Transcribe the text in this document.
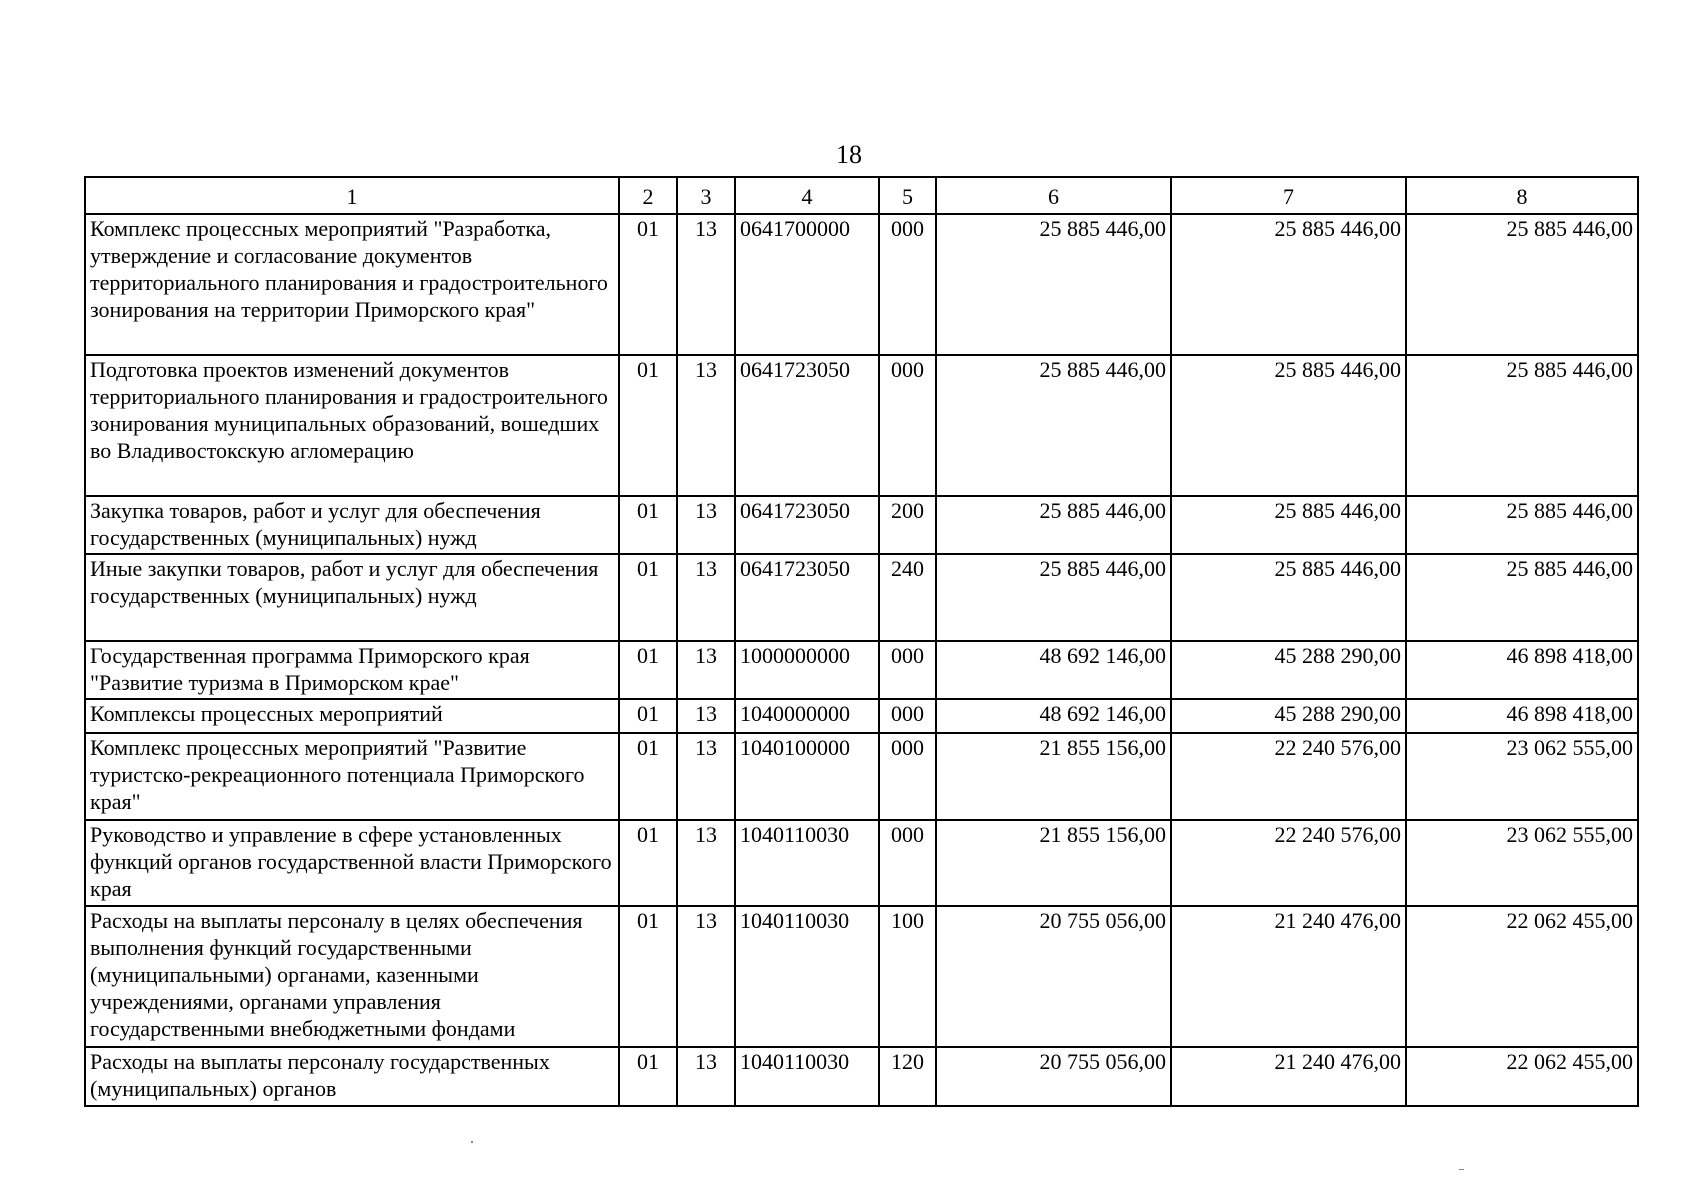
18
1	2	3	4	5	6	7	8
Комплекс процессных мероприятий "Разработка, утверждение и согласование документов территориального планирования и градостроительного зонирования на территории Приморского края"	01	13	0641700000	000	25 885 446,00	25 885 446,00	25 885 446,00
Подготовка проектов изменений документов территориального планирования и градостроительного зонирования муниципальных образований, вошедших во Владивостокскую агломерацию	01	13	0641723050	000	25 885 446,00	25 885 446,00	25 885 446,00
Закупка товаров, работ и услуг для обеспечения государственных (муниципальных) нужд	01	13	0641723050	200	25 885 446,00	25 885 446,00	25 885 446,00
Иные закупки товаров, работ и услуг для обеспечения государственных (муниципальных) нужд	01	13	0641723050	240	25 885 446,00	25 885 446,00	25 885 446,00
Государственная программа Приморского края "Развитие туризма в Приморском крае"	01	13	1000000000	000	48 692 146,00	45 288 290,00	46 898 418,00
Комплексы процессных мероприятий	01	13	1040000000	000	48 692 146,00	45 288 290,00	46 898 418,00
Комплекс процессных мероприятий "Развитие туристско-рекреационного потенциала Приморского края"	01	13	1040100000	000	21 855 156,00	22 240 576,00	23 062 555,00
Руководство и управление в сфере установленных функций органов государственной власти Приморского края	01	13	1040110030	000	21 855 156,00	22 240 576,00	23 062 555,00
Расходы на выплаты персоналу в целях обеспечения выполнения функций государственными (муниципальными) органами, казенными учреждениями, органами управления государственными внебюджетными фондами	01	13	1040110030	100	20 755 056,00	21 240 476,00	22 062 455,00
Расходы на выплаты персоналу государственных (муниципальных) органов	01	13	1040110030	120	20 755 056,00	21 240 476,00	22 062 455,00
